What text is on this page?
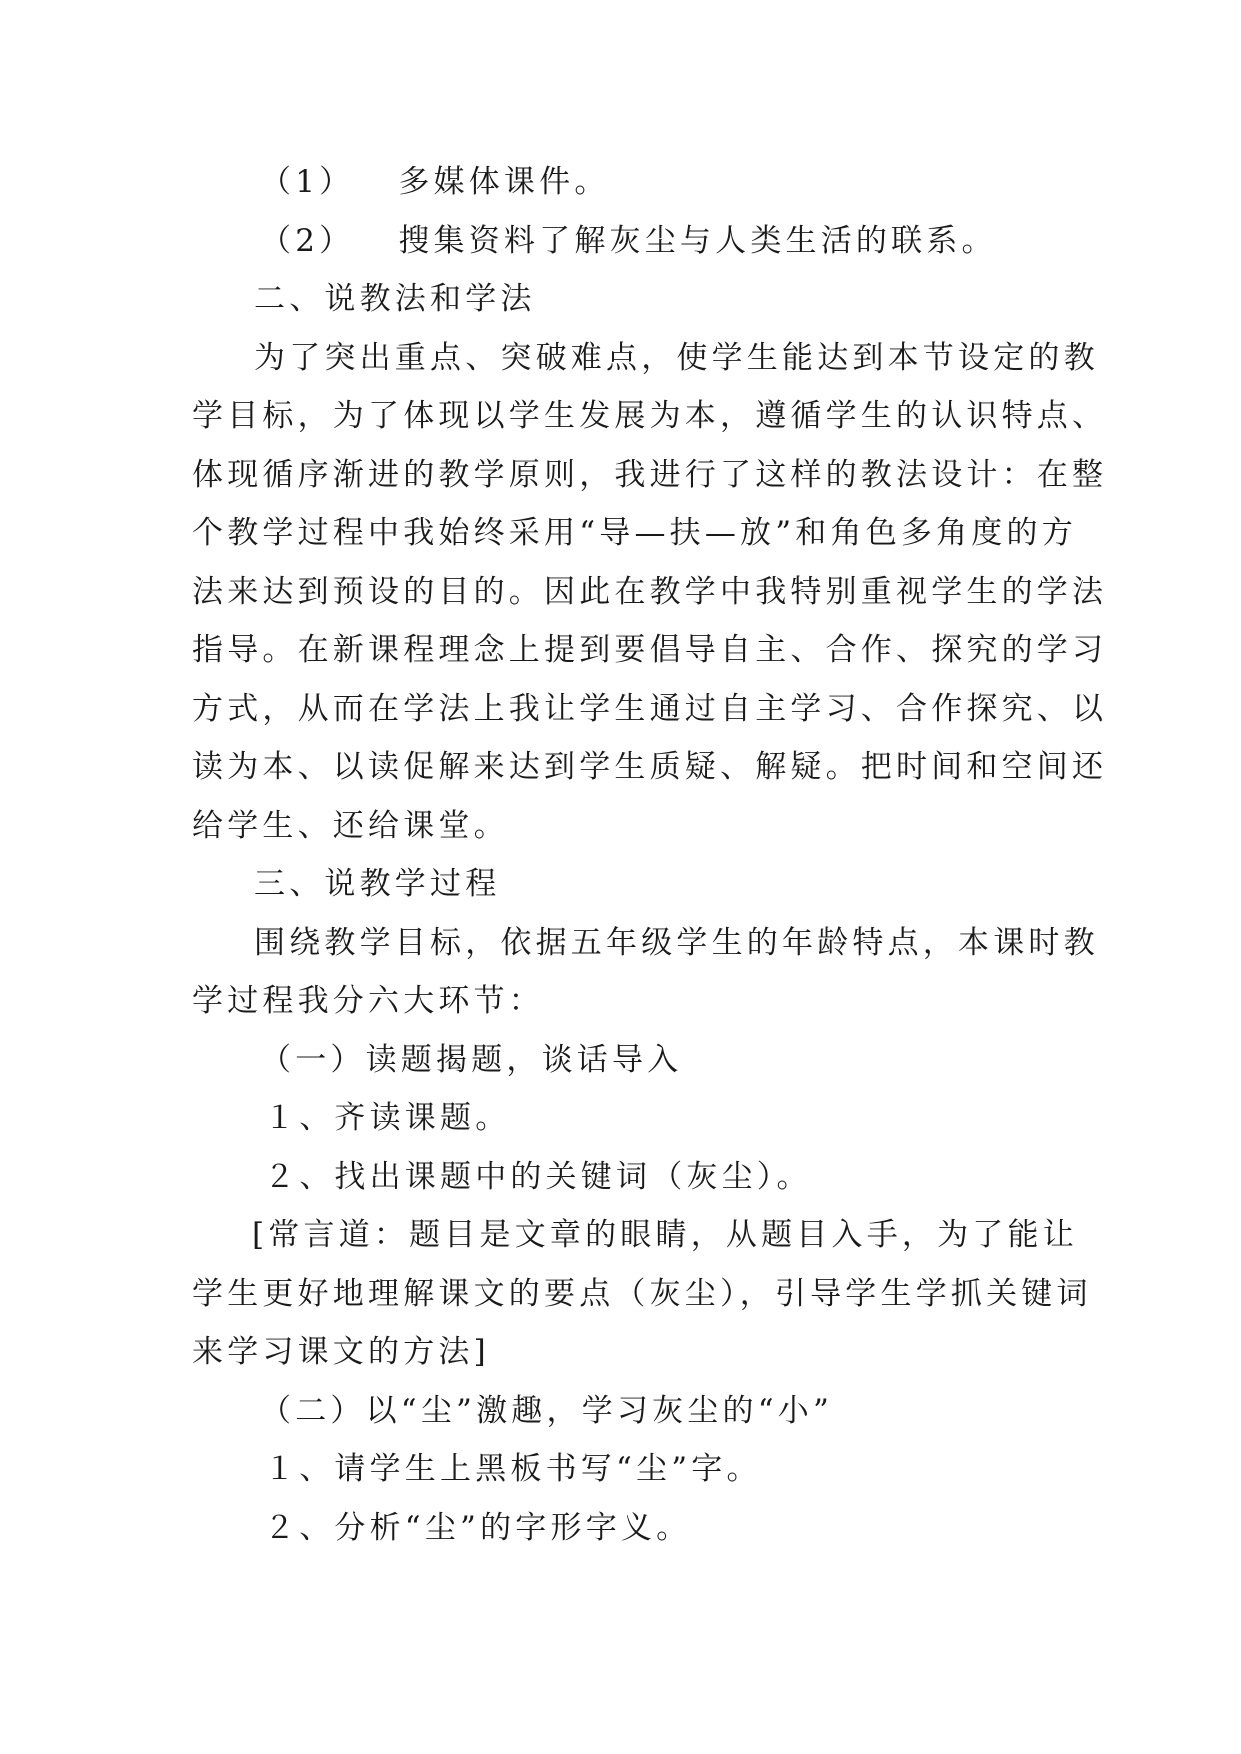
（1） 多媒体课件。
（2） 搜集资料了解灰尘与人类生活的联系。
二、说教法和学法
为了突出重点、突破难点，使学生能达到本节设定的教
学目标，为了体现以学生发展为本，遵循学生的认识特点、
体现循序渐进的教学原则，我进行了这样的教法设计：在整
个教学过程中我始终采用“导—扶—放”和角色多角度的方
法来达到预设的目的。因此在教学中我特别重视学生的学法
指导。在新课程理念上提到要倡导自主、合作、探究的学习
方式，从而在学法上我让学生通过自主学习、合作探究、以
读为本、以读促解来达到学生质疑、解疑。把时间和空间还
给学生、还给课堂。
三、说教学过程
围绕教学目标，依据五年级学生的年龄特点，本课时教
学过程我分六大环节：
（一）读题揭题，谈话导入
１、齐读课题。
２、找出课题中的关键词（灰尘）。
[常言道：题目是文章的眼睛，从题目入手，为了能让
学生更好地理解课文的要点（灰尘），引导学生学抓关键词
来学习课文的方法]
（二）以“尘”激趣，学习灰尘的“小”
１、请学生上黑板书写“尘”字。
２、分析“尘”的字形字义。
